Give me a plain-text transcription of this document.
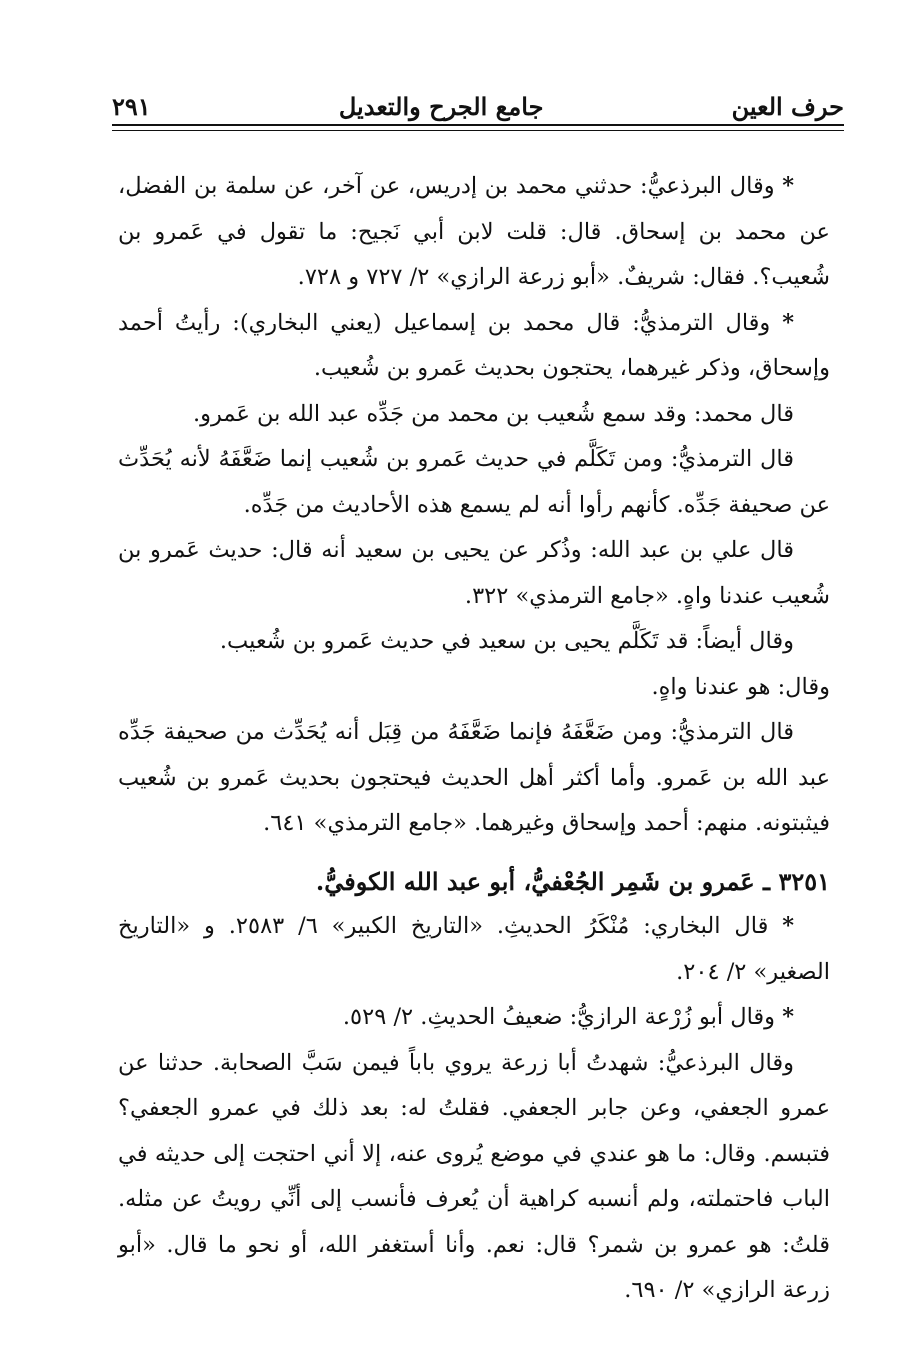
حرف العين
جامع الجرح والتعديل
٢٩١

* وقال البرذعيُّ: حدثني محمد بن إدريس، عن آخر، عن سلمة بن الفضل، عن محمد بن إسحاق. قال: قلت لابن أبي نَجيح: ما تقول في عَمرو بن شُعيب؟. فقال: شريفٌ. «أبو زرعة الرازي» ٢/ ٧٢٧ و ٧٢٨.

* وقال الترمذيُّ: قال محمد بن إسماعيل (يعني البخاري): رأيتُ أحمد وإسحاق، وذكر غيرهما، يحتجون بحديث عَمرو بن شُعيب.

قال محمد: وقد سمع شُعيب بن محمد من جَدِّه عبد الله بن عَمرو.

قال الترمذيُّ: ومن تَكَلَّم في حديث عَمرو بن شُعيب إنما ضَعَّفَهُ لأنه يُحَدِّث عن صحيفة جَدِّه. كأنهم رأوا أنه لم يسمع هذه الأحاديث من جَدِّه.

قال علي بن عبد الله: وذُكر عن يحيى بن سعيد أنه قال: حديث عَمرو بن شُعيب عندنا واهٍ. «جامع الترمذي» ٣٢٢.

وقال أيضاً: قد تَكَلَّم يحيى بن سعيد في حديث عَمرو بن شُعيب.

وقال: هو عندنا واهٍ.

قال الترمذيُّ: ومن ضَعَّفَهُ فإنما ضَعَّفَهُ من قِبَل أنه يُحَدِّث من صحيفة جَدِّه عبد الله بن عَمرو. وأما أكثر أهل الحديث فيحتجون بحديث عَمرو بن شُعيب فيثبتونه. منهم: أحمد وإسحاق وغيرهما. «جامع الترمذي» ٦٤١.

٣٢٥١ ـ عَمرو بن شَمِر الجُعْفيُّ، أبو عبد الله الكوفيُّ.

* قال البخاري: مُنْكَرُ الحديثِ. «التاريخ الكبير» ٦/ ٢٥٨٣. و «التاريخ الصغير» ٢/ ٢٠٤.

* وقال أبو زُرْعة الرازيُّ: ضعيفُ الحديثِ. ٢/ ٥٢٩.

وقال البرذعيُّ: شهدتُ أبا زرعة يروي باباً فيمن سَبَّ الصحابة. حدثنا عن عمرو الجعفي، وعن جابر الجعفي. فقلتُ له: بعد ذلك في عمرو الجعفي؟ فتبسم. وقال: ما هو عندي في موضع يُروى عنه، إلا أني احتجت إلى حديثه في الباب فاحتملته، ولم أنسبه كراهية أن يُعرف فأنسب إلى أنِّي رويتُ عن مثله. قلتُ: هو عمرو بن شمر؟ قال: نعم. وأنا أستغفر الله، أو نحو ما قال. «أبو زرعة الرازي» ٢/ ٦٩٠.
